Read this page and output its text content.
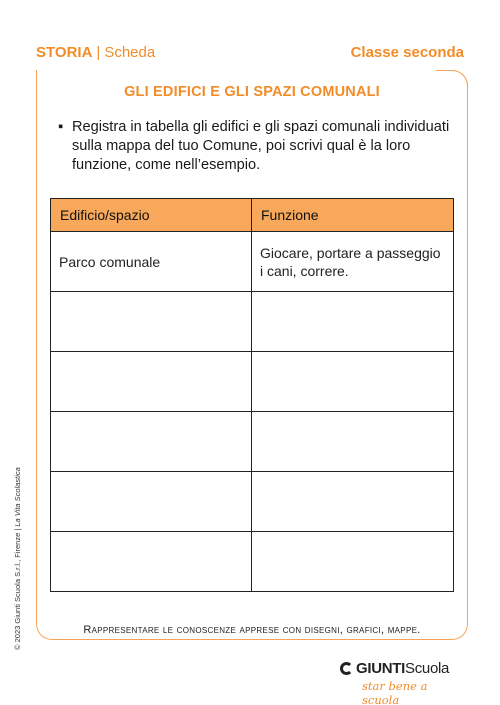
STORIA | Scheda	Classe seconda
GLI EDIFICI E GLI SPAZI COMUNALI
▪ Registra in tabella gli edifici e gli spazi comunali individuati sulla mappa del tuo Comune, poi scrivi qual è la loro funzione, come nell’esempio.
Edificio/spazio	Funzione
Parco comunale	Giocare, portare a passeggio i cani, correre.

Rappresentare le conoscenze apprese con disegni, grafici, mappe.
© 2023 Giunti Scuola S.r.l., Firenze | La Vita Scolastica
GIUNTIScuola
star bene a scuola
